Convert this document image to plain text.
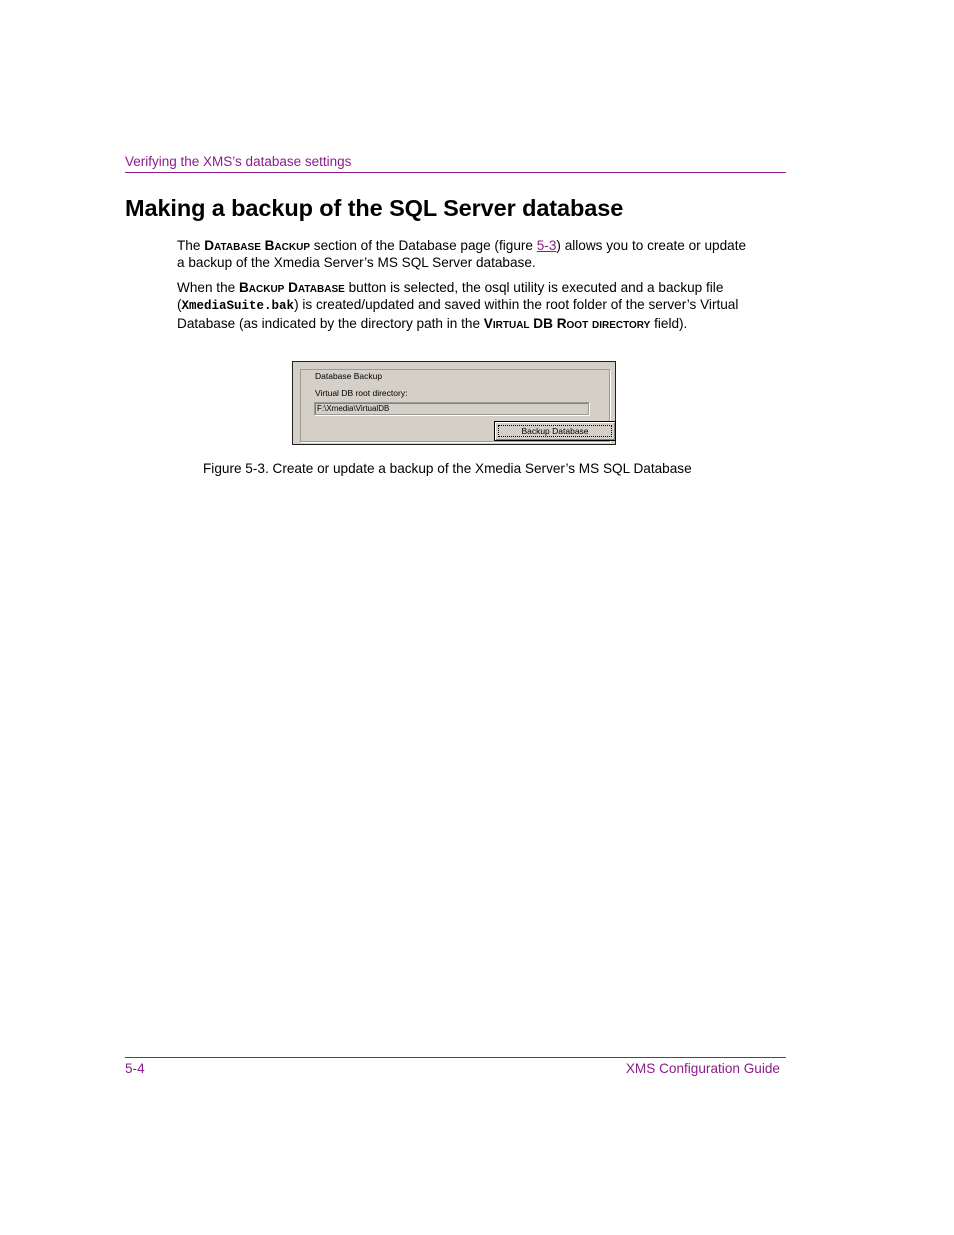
Verifying the XMS’s database settings
Making a backup of the SQL Server database

The Database Backup section of the Database page (figure 5-3) allows you to create or update a backup of the Xmedia Server’s MS SQL Server database.

When the Backup Database button is selected, the osql utility is executed and a backup file (XmediaSuite.bak) is created/updated and saved within the root folder of the server’s Virtual Database (as indicated by the directory path in the Virtual DB Root directory field).

Database Backup
Virtual DB root directory:
F:\Xmedia\VirtualDB
Backup Database

Figure 5-3. Create or update a backup of the Xmedia Server’s MS SQL Database

5-4	XMS Configuration Guide
